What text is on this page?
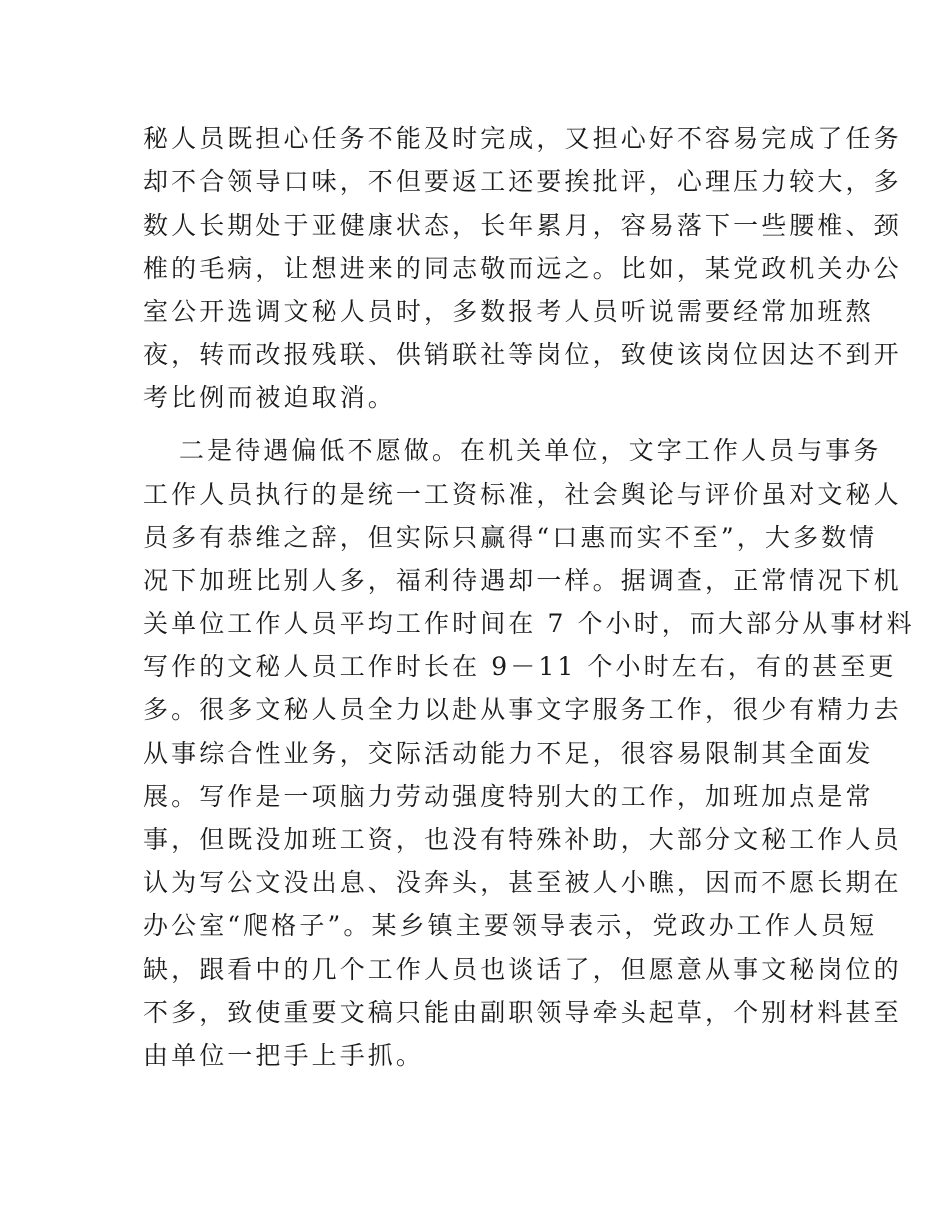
秘人员既担心任务不能及时完成，又担心好不容易完成了任务
却不合领导口味，不但要返工还要挨批评，心理压力较大，多
数人长期处于亚健康状态，长年累月，容易落下一些腰椎、颈
椎的毛病，让想进来的同志敬而远之。比如，某党政机关办公
室公开选调文秘人员时，多数报考人员听说需要经常加班熬
夜，转而改报残联、供销联社等岗位，致使该岗位因达不到开
考比例而被迫取消。
二是待遇偏低不愿做。在机关单位，文字工作人员与事务
工作人员执行的是统一工资标准，社会舆论与评价虽对文秘人
员多有恭维之辞，但实际只赢得“口惠而实不至”，大多数情
况下加班比别人多，福利待遇却一样。据调查，正常情况下机
关单位工作人员平均工作时间在 7 个小时，而大部分从事材料
写作的文秘人员工作时长在 9－11 个小时左右，有的甚至更
多。很多文秘人员全力以赴从事文字服务工作，很少有精力去
从事综合性业务，交际活动能力不足，很容易限制其全面发
展。写作是一项脑力劳动强度特别大的工作，加班加点是常
事，但既没加班工资，也没有特殊补助，大部分文秘工作人员
认为写公文没出息、没奔头，甚至被人小瞧，因而不愿长期在
办公室“爬格子”。某乡镇主要领导表示，党政办工作人员短
缺，跟看中的几个工作人员也谈话了，但愿意从事文秘岗位的
不多，致使重要文稿只能由副职领导牵头起草，个别材料甚至
由单位一把手上手抓。
